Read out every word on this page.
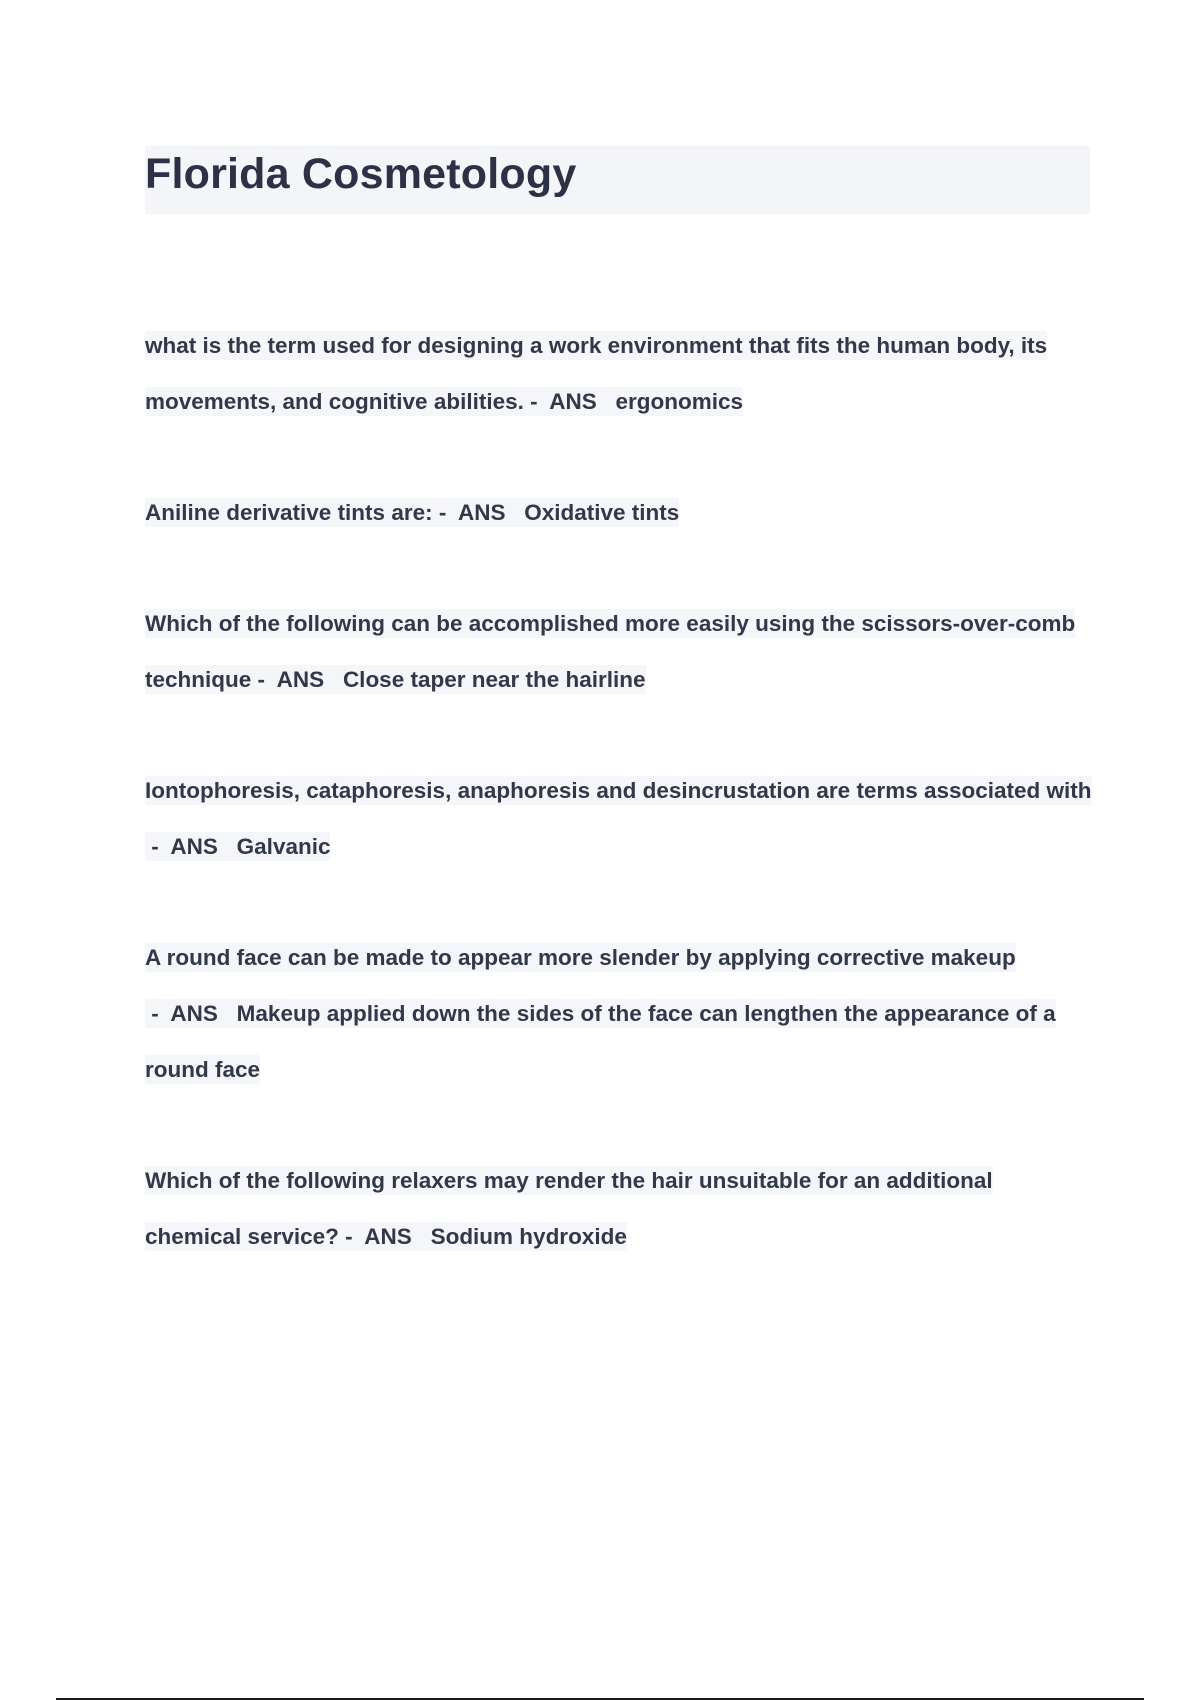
Florida Cosmetology

what is the term used for designing a work environment that fits the human body, its movements, and cognitive abilities. -  ANS   ergonomics

Aniline derivative tints are: -  ANS   Oxidative tints

Which of the following can be accomplished more easily using the scissors-over-comb technique -  ANS   Close taper near the hairline

Iontophoresis, cataphoresis, anaphoresis and desincrustation are terms associated with -  ANS   Galvanic

A round face can be made to appear more slender by applying corrective makeup -  ANS   Makeup applied down the sides of the face can lengthen the appearance of a round face

Which of the following relaxers may render the hair unsuitable for an additional chemical service? -  ANS   Sodium hydroxide
